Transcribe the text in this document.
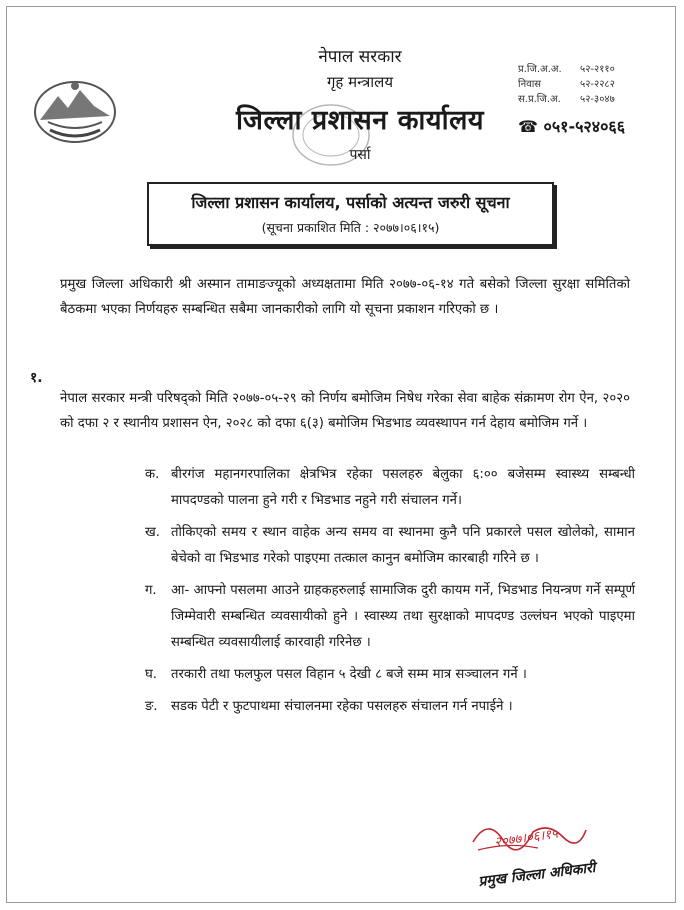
नेपाल सरकार
गृह मन्त्रालय
जिल्ला प्रशासन कार्यालय
पर्सा
प्र.जि.अ.अ.	५२-२११०
निवास	५२-२२८२
स.प्र.जि.अ.	५२-३०४७
☎ ०५१-५२४०६६
जिल्ला प्रशासन कार्यालय, पर्साको अत्यन्त जरुरी सूचना
(सूचना प्रकाशित मिति : २०७७।०६।१५)
प्रमुख जिल्ला अधिकारी श्री अस्मान तामाङज्यूको अध्यक्षतामा मिति २०७७-०६-१४ गते बसेको जिल्ला सुरक्षा समितिको बैठकमा भएका निर्णयहरु सम्बन्धित सबैमा जानकारीको लागि यो सूचना प्रकाशन गरिएको छ ।
१.
नेपाल सरकार मन्त्री परिषद्को मिति २०७७-०५-२९ को निर्णय बमोजिम निषेध गरेका सेवा बाहेक संक्रामण रोग ऐन, २०२० को दफा २ र स्थानीय प्रशासन ऐन, २०२८ को दफा ६(३) बमोजिम भिडभाड व्यवस्थापन गर्न देहाय बमोजिम गर्ने ।
क. बीरगंज महानगरपालिका क्षेत्रभित्र रहेका पसलहरु बेलुका ६:०० बजेसम्म स्वास्थ्य सम्बन्धी मापदण्डको पालना हुने गरी र भिडभाड नहुने गरी संचालन गर्ने।
ख. तोकिएको समय र स्थान वाहेक अन्य समय वा स्थानमा कुनै पनि प्रकारले पसल खोलेको, सामान बेचेको वा भिडभाड गरेको पाइएमा तत्काल कानुन बमोजिम कारबाही गरिने छ ।
ग.	आ- आफ्नो पसलमा आउने ग्राहकहरुलाई सामाजिक दुरी कायम गर्ने, भिडभाड नियन्त्रण गर्ने सम्पूर्ण जिम्मेवारी सम्बन्धित व्यवसायीको हुने । स्वास्थ्य तथा सुरक्षाको मापदण्ड उल्लंघन भएको पाइएमा सम्बन्धित व्यवसायीलाई कारवाही गरिनेछ ।
घ.	तरकारी तथा फलफुल पसल विहान ५ देखी ८ बजे सम्म मात्र सञ्चालन गर्ने ।
ङ.	सडक पेटी र फुटपाथमा संचालनमा रहेका पसलहरु संचालन गर्न नपाईने ।
२०७७।०६।१५
प्रमुख जिल्ला अधिकारी
